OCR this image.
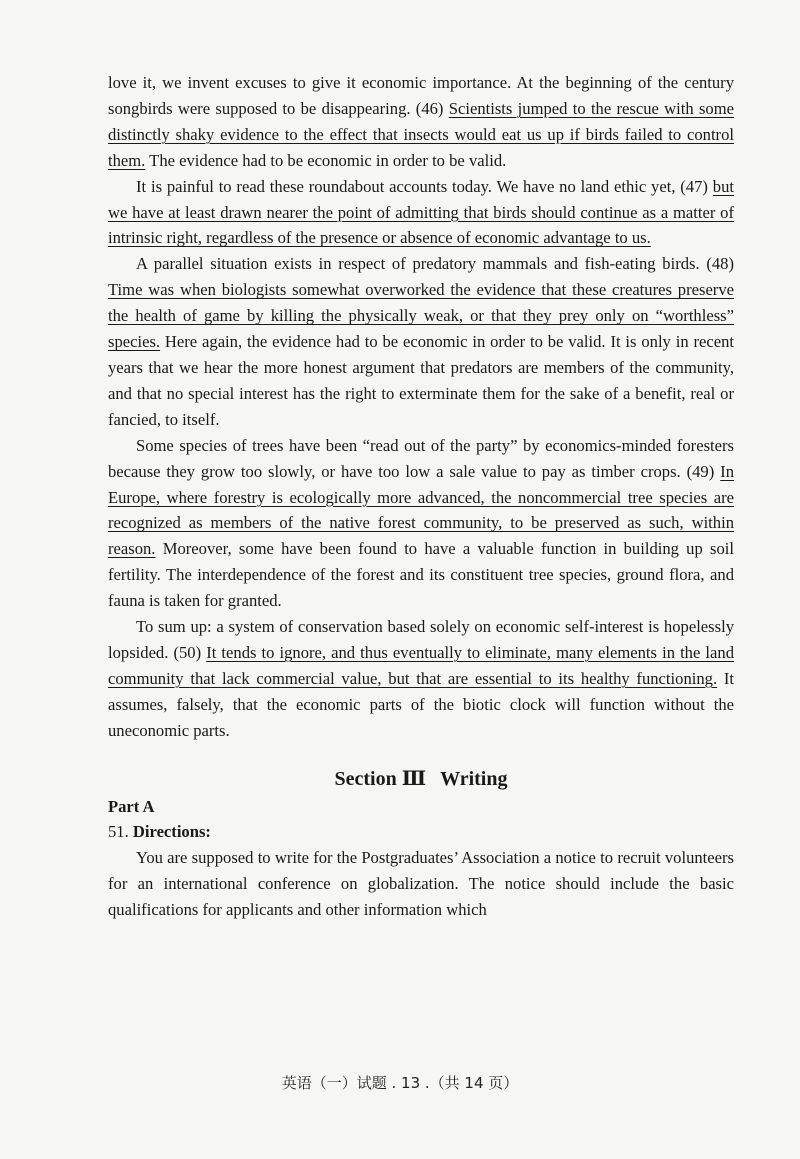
love it, we invent excuses to give it economic importance. At the beginning of the century songbirds were supposed to be disappearing. (46) Scientists jumped to the rescue with some distinctly shaky evidence to the effect that insects would eat us up if birds failed to control them. The evidence had to be economic in order to be valid.

It is painful to read these roundabout accounts today. We have no land ethic yet, (47) but we have at least drawn nearer the point of admitting that birds should continue as a matter of intrinsic right, regardless of the presence or absence of economic advantage to us.

A parallel situation exists in respect of predatory mammals and fish-eating birds. (48) Time was when biologists somewhat overworked the evidence that these creatures preserve the health of game by killing the physically weak, or that they prey only on “worthless” species. Here again, the evidence had to be economic in order to be valid. It is only in recent years that we hear the more honest argument that predators are members of the community, and that no special interest has the right to exterminate them for the sake of a benefit, real or fancied, to itself.

Some species of trees have been “read out of the party” by economics-minded foresters because they grow too slowly, or have too low a sale value to pay as timber crops. (49) In Europe, where forestry is ecologically more advanced, the noncommercial tree species are recognized as members of the native forest community, to be preserved as such, within reason. Moreover, some have been found to have a valuable function in building up soil fertility. The interdependence of the forest and its constituent tree species, ground flora, and fauna is taken for granted.

To sum up: a system of conservation based solely on economic self-interest is hopelessly lopsided. (50) It tends to ignore, and thus eventually to eliminate, many elements in the land community that lack commercial value, but that are essential to its healthy functioning. It assumes, falsely, that the economic parts of the biotic clock will function without the uneconomic parts.

Section Ⅲ Writing

Part A

51. Directions:

You are supposed to write for the Postgraduates’ Association a notice to recruit volunteers for an international conference on globalization. The notice should include the basic qualifications for applicants and other information which

英语（一）试题 . 13 .（共 14 页）
